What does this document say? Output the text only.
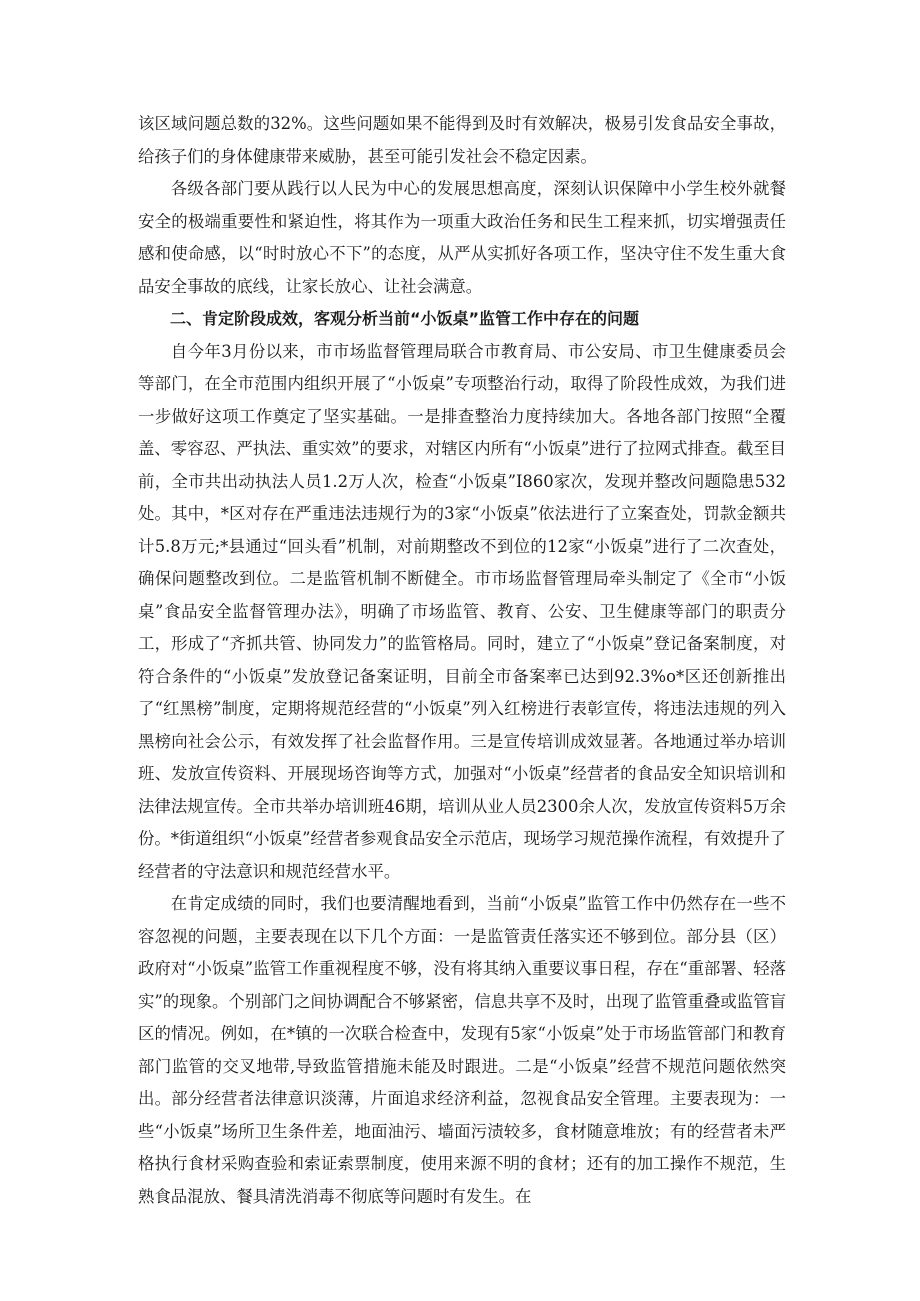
该区域问题总数的32%。这些问题如果不能得到及时有效解决，极易引发食品安全事故，给孩子们的身体健康带来威胁，甚至可能引发社会不稳定因素。

各级各部门要从践行以人民为中心的发展思想高度，深刻认识保障中小学生校外就餐安全的极端重要性和紧迫性，将其作为一项重大政治任务和民生工程来抓，切实增强责任感和使命感，以“时时放心不下”的态度，从严从实抓好各项工作，坚决守住不发生重大食品安全事故的底线，让家长放心、让社会满意。

二、肯定阶段成效，客观分析当前“小饭桌”监管工作中存在的问题

自今年3月份以来，市市场监督管理局联合市教育局、市公安局、市卫生健康委员会等部门，在全市范围内组织开展了“小饭桌”专项整治行动，取得了阶段性成效，为我们进一步做好这项工作奠定了坚实基础。一是排查整治力度持续加大。各地各部门按照“全覆盖、零容忍、严执法、重实效”的要求，对辖区内所有“小饭桌”进行了拉网式排查。截至目前，全市共出动执法人员1.2万人次，检查“小饭桌”I860家次，发现并整改问题隐患532处。其中，*区对存在严重违法违规行为的3家“小饭桌”依法进行了立案查处，罚款金额共计5.8万元;*县通过“回头看”机制，对前期整改不到位的12家“小饭桌”进行了二次查处，确保问题整改到位。二是监管机制不断健全。市市场监督管理局牵头制定了《全市“小饭桌”食品安全监督管理办法》，明确了市场监管、教育、公安、卫生健康等部门的职责分工，形成了“齐抓共管、协同发力”的监管格局。同时，建立了“小饭桌”登记备案制度，对符合条件的“小饭桌”发放登记备案证明，目前全市备案率已达到92.3%o*区还创新推出了“红黑榜”制度，定期将规范经营的“小饭桌”列入红榜进行表彰宣传，将违法违规的列入黑榜向社会公示，有效发挥了社会监督作用。三是宣传培训成效显著。各地通过举办培训班、发放宣传资料、开展现场咨询等方式，加强对“小饭桌”经营者的食品安全知识培训和法律法规宣传。全市共举办培训班46期，培训从业人员2300余人次，发放宣传资料5万余份。*街道组织“小饭桌”经营者参观食品安全示范店，现场学习规范操作流程，有效提升了经营者的守法意识和规范经营水平。

在肯定成绩的同时，我们也要清醒地看到，当前“小饭桌”监管工作中仍然存在一些不容忽视的问题，主要表现在以下几个方面：一是监管责任落实还不够到位。部分县（区）政府对“小饭桌”监管工作重视程度不够，没有将其纳入重要议事日程，存在“重部署、轻落实”的现象。个别部门之间协调配合不够紧密，信息共享不及时，出现了监管重叠或监管盲区的情况。例如，在*镇的一次联合检查中，发现有5家“小饭桌”处于市场监管部门和教育部门监管的交叉地带,导致监管措施未能及时跟进。二是“小饭桌”经营不规范问题依然突出。部分经营者法律意识淡薄，片面追求经济利益，忽视食品安全管理。主要表现为：一些“小饭桌”场所卫生条件差，地面油污、墙面污渍较多，食材随意堆放；有的经营者未严格执行食材采购查验和索证索票制度，使用来源不明的食材；还有的加工操作不规范，生熟食品混放、餐具清洗消毒不彻底等问题时有发生。在
